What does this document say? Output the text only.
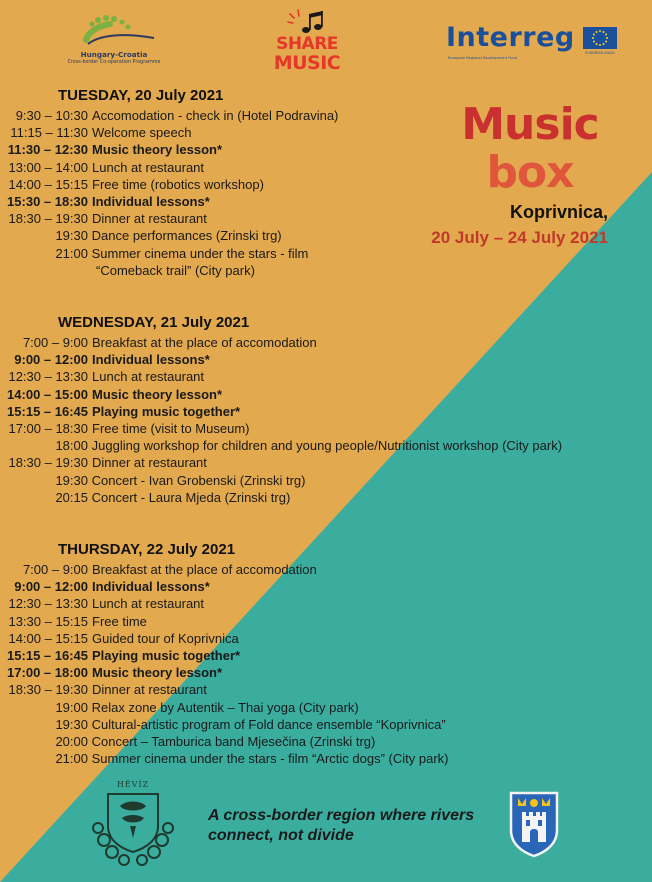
Hungary-Croatia
Cross-border Co-operation Programme
SHARE
MUSIC
Interreg
European Regional Development Fund
EUROPEAN UNION
Music
box
Koprivnica,
20 July – 24 July 2021
TUESDAY, 20 July 2021
9:30 – 10:30 Accomodation - check in (Hotel Podravina)
11:15 – 11:30 Welcome speech
11:30 – 12:30 Music theory lesson*
13:00 – 14:00 Lunch at restaurant
14:00 – 15:15 Free time (robotics workshop)
15:30 – 18:30 Individual lessons*
18:30 – 19:30 Dinner at restaurant
19:30 Dance performances (Zrinski trg)
21:00 Summer cinema under the stars - film
“Comeback trail” (City park)
WEDNESDAY, 21 July 2021
7:00 – 9:00 Breakfast at the place of accomodation
9:00 – 12:00 Individual lessons*
12:30 – 13:30 Lunch at restaurant
14:00 – 15:00 Music theory lesson*
15:15 – 16:45 Playing music together*
17:00 – 18:30 Free time (visit to Museum)
18:00 Juggling workshop for children and young people/Nutritionist workshop (City park)
18:30 – 19:30 Dinner at restaurant
19:30 Concert - Ivan Grobenski (Zrinski trg)
20:15 Concert - Laura Mjeda (Zrinski trg)
THURSDAY, 22 July 2021
7:00 – 9:00 Breakfast at the place of accomodation
9:00 – 12:00 Individual lessons*
12:30 – 13:30 Lunch at restaurant
13:30 – 15:15 Free time
14:00 – 15:15 Guided tour of Koprivnica
15:15 – 16:45 Playing music together*
17:00 – 18:00 Music theory lesson*
18:30 – 19:30 Dinner at restaurant
19:00 Relax zone by Autentik – Thai yoga (City park)
19:30 Cultural-artistic program of Fold dance ensemble “Koprivnica”
20:00 Concert – Tamburica band Mjesečina (Zrinski trg)
21:00 Summer cinema under the stars - film “Arctic dogs” (City park)
HÉVÍZ
A cross-border region where rivers
connect, not divide
